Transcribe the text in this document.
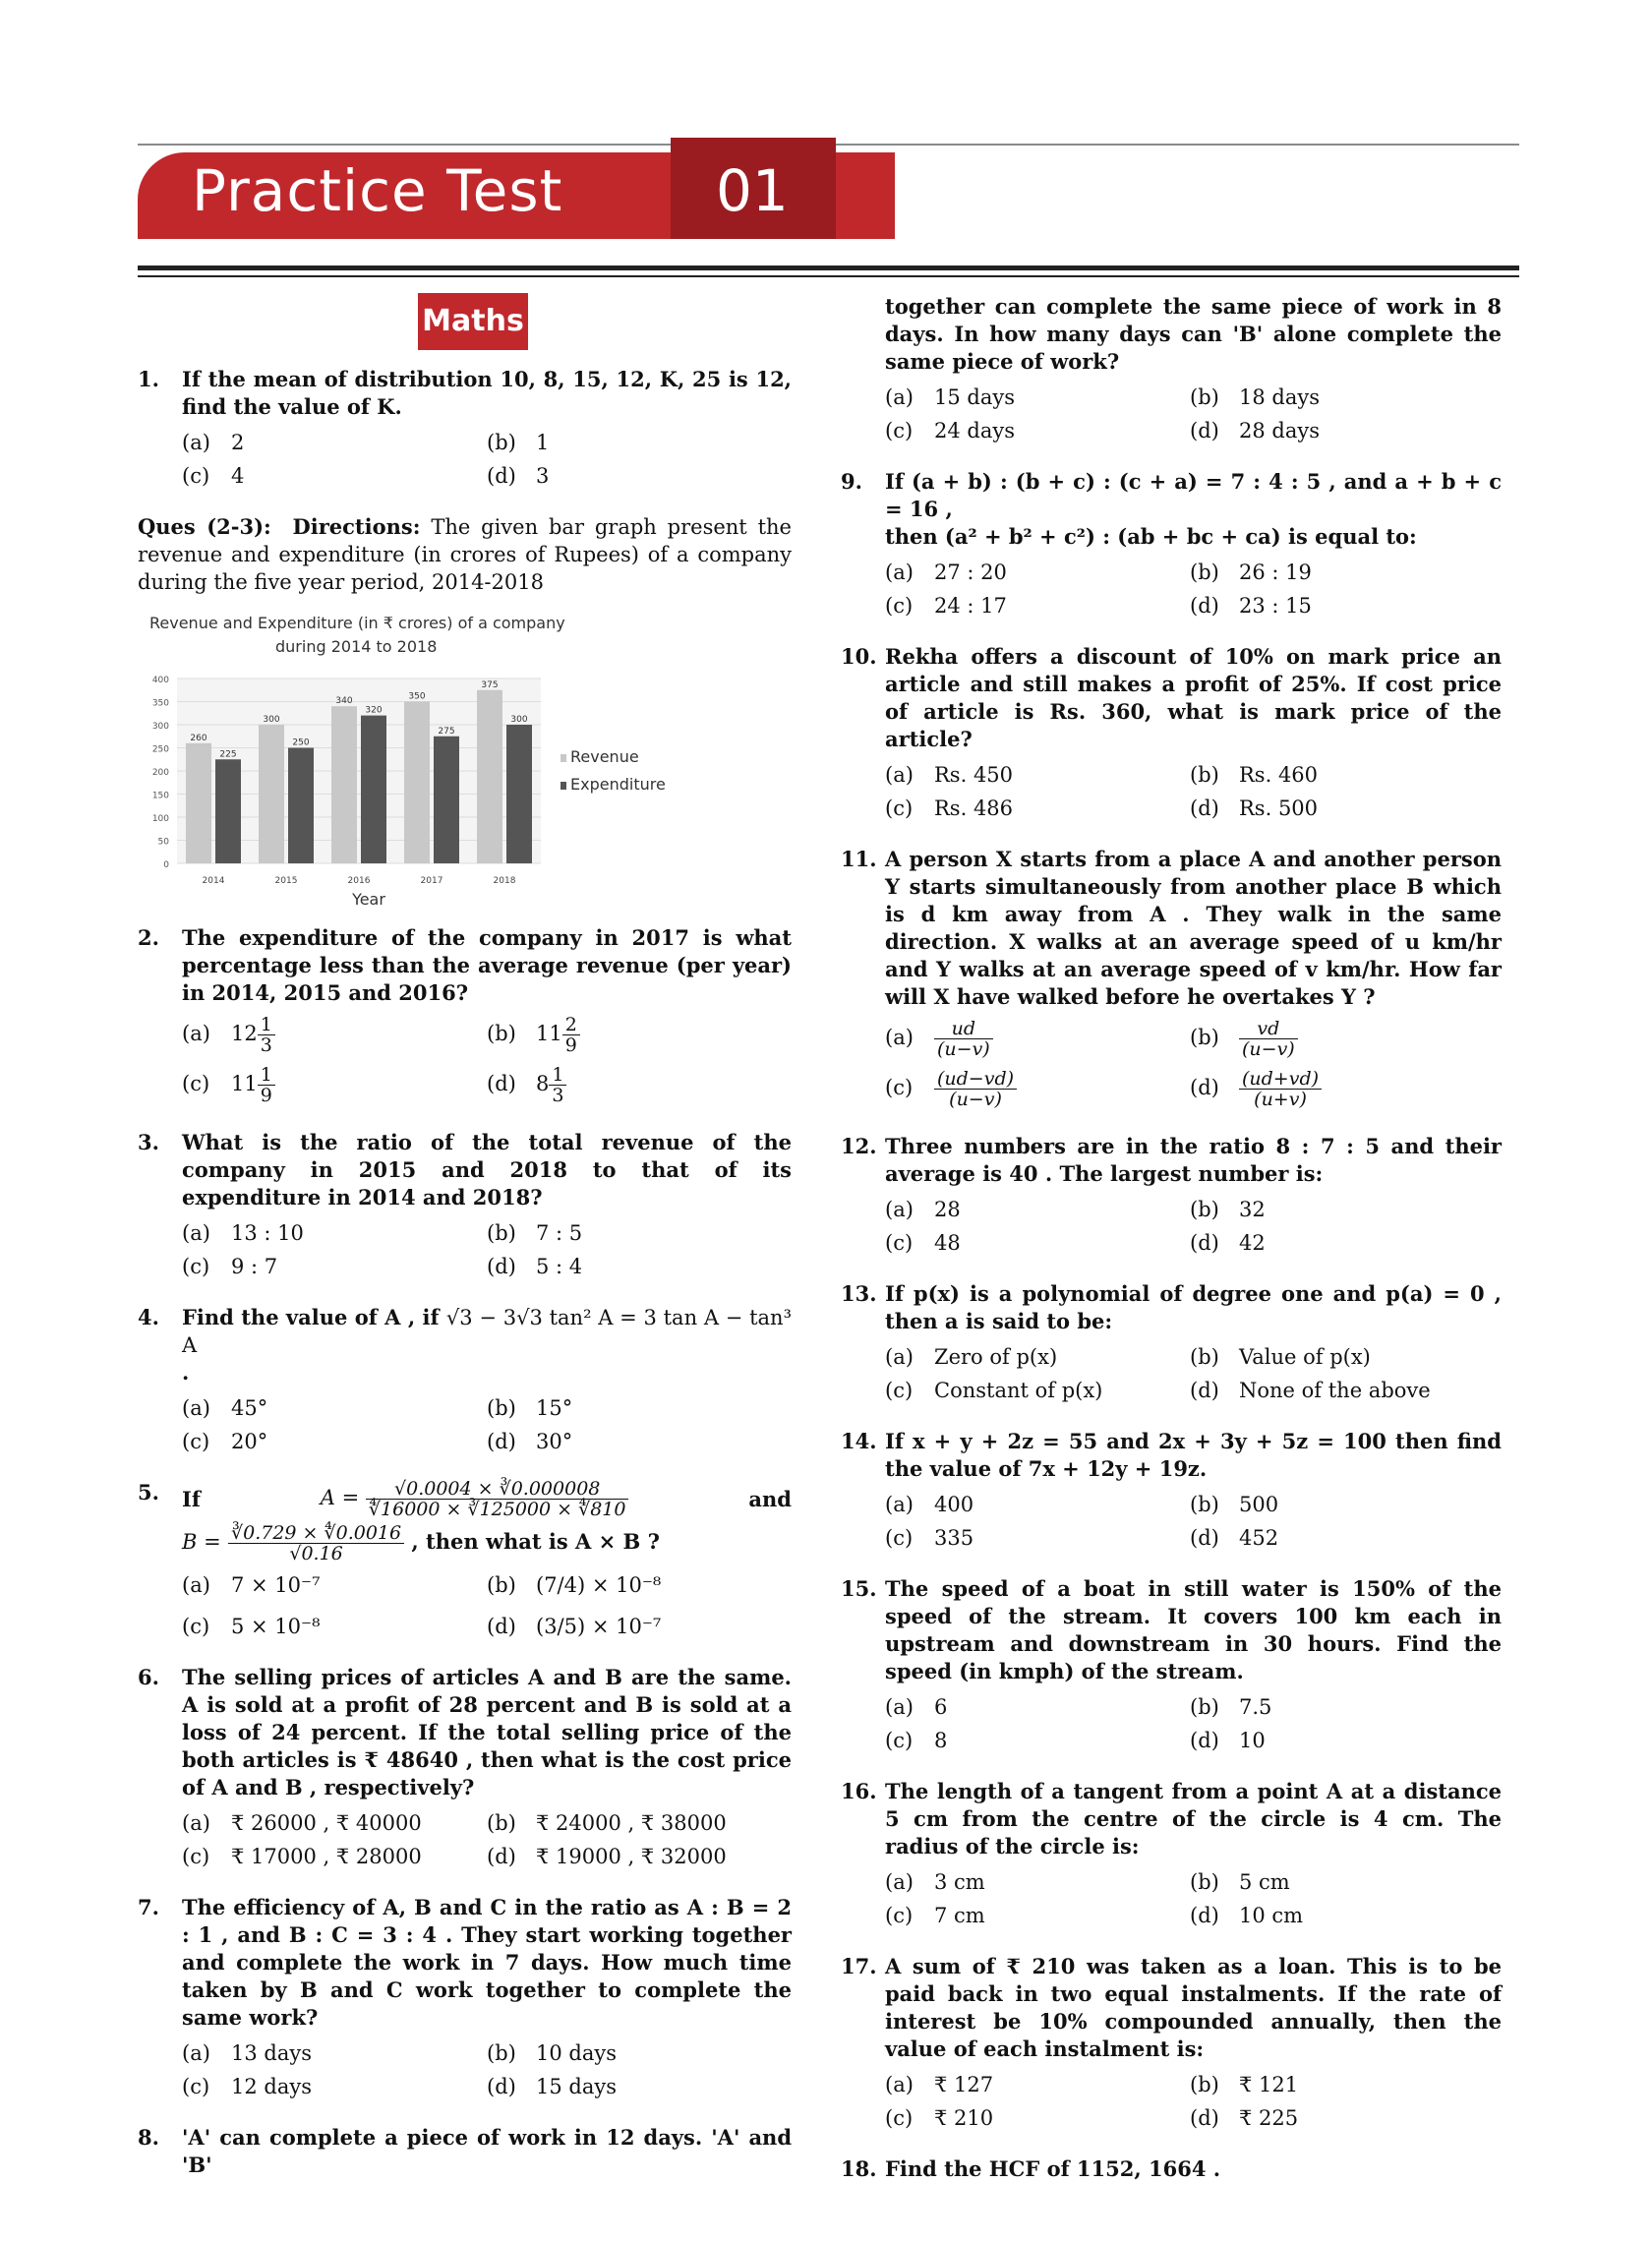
Practice Test	01
Maths
1. If the mean of distribution 10, 8, 15, 12, K, 25 is 12, find the value of K.
(a) 2	(b) 1
(c) 4	(d) 3
Ques (2-3): Directions: The given bar graph present the revenue and expenditure (in crores of Rupees) of a company during the five year period, 2014-2018
Revenue and Expenditure (in ₹ crores) of a company
during 2014 to 2018
0
50
100
150
200
250
300
350
400
260
225
2014
300
250
2015
340
320
2016
350
275
2017
375
300
2018
Year
Revenue
Expenditure
2. The expenditure of the company in 2017 is what percentage less than the average revenue (per year) in 2014, 2015 and 2016?
(a) $12 \frac{1}{3}$	(b) $11 \frac{2}{9}$
(c) $11 \frac{1}{9}$	(d) $8 \frac{1}{3}$
3. What is the ratio of the total revenue of the company in 2015 and 2018 to that of its expenditure in 2014 and 2018?
(a) 13 : 10	(b) 7 : 5
(c) 9 : 7	(d) 5 : 4
4. Find the value of A , if √3 − 3√3 tan² A = 3 tan A − tan³ A
.
(a) 45°	(b) 15°
(c) 20°	(d) 30°
5. If	$A = \frac{√0.0004 \times ∛0.000008}{∜16000 \times ∛125000 \times ∜810}$	and
$B = \frac{∛0.729 \times ∜0.0016}{√0.16}$ , then what is A × B ?
(a) 7 × 10⁻⁷	(b) (7/4) × 10⁻⁸
(c) 5 × 10⁻⁸	(d) (3/5) × 10⁻⁷
6. The selling prices of articles A and B are the same. A is sold at a profit of 28 percent and B is sold at a loss of 24 percent. If the total selling price of the both articles is ₹ 48640 , then what is the cost price of A and B , respectively?
(a) ₹ 26000 , ₹ 40000	(b) ₹ 24000 , ₹ 38000
(c) ₹ 17000 , ₹ 28000	(d) ₹ 19000 , ₹ 32000
7. The efficiency of A, B and C in the ratio as A : B = 2 : 1 , and B : C = 3 : 4 . They start working together and complete the work in 7 days. How much time taken by B and C work together to complete the same work?
(a) 13 days	(b) 10 days
(c) 12 days	(d) 15 days
8. 'A' can complete a piece of work in 12 days. 'A' and 'B'
together can complete the same piece of work in 8 days. In how many days can 'B' alone complete the same piece of work?
(a) 15 days	(b) 18 days
(c) 24 days	(d) 28 days
9. If (a + b) : (b + c) : (c + a) = 7 : 4 : 5 , and a + b + c = 16 ,
then (a² + b² + c²) : (ab + bc + ca) is equal to:
(a) 27 : 20	(b) 26 : 19
(c) 24 : 17	(d) 23 : 15
10. Rekha offers a discount of 10% on mark price an article and still makes a profit of 25%. If cost price of article is Rs. 360, what is mark price of the article?
(a) Rs. 450	(b) Rs. 460
(c) Rs. 486	(d) Rs. 500
11. A person X starts from a place A and another person Y starts simultaneously from another place B which is d km away from A . They walk in the same direction. X walks at an average speed of u km/hr and Y walks at an average speed of v km/hr. How far will X have walked before he overtakes Y ?
$(a) \frac{ud}{(u-v)}$	$(b) \frac{vd}{(u-v)}$
$(c) \frac{(ud-vd)}{(u-v)}$	$(d) \frac{(ud+vd)}{(u+v)}$
12. Three numbers are in the ratio 8 : 7 : 5 and their average is 40 . The largest number is:
(a) 28	(b) 32
(c) 48	(d) 42
13. If p(x) is a polynomial of degree one and p(a) = 0 , then a is said to be:
(a) Zero of p(x)	(b) Value of p(x)
(c) Constant of p(x)	(d) None of the above
14. If x + y + 2z = 55 and 2x + 3y + 5z = 100 then find the value of 7x + 12y + 19z.
(a) 400	(b) 500
(c) 335	(d) 452
15. The speed of a boat in still water is 150% of the speed of the stream. It covers 100 km each in upstream and downstream in 30 hours. Find the speed (in kmph) of the stream.
(a) 6	(b) 7.5
(c) 8	(d) 10
16. The length of a tangent from a point A at a distance 5 cm from the centre of the circle is 4 cm. The radius of the circle is:
(a) 3 cm	(b) 5 cm
(c) 7 cm	(d) 10 cm
17. A sum of ₹ 210 was taken as a loan. This is to be paid back in two equal instalments. If the rate of interest be 10% compounded annually, then the value of each instalment is:
(a) ₹ 127	(b) ₹ 121
(c) ₹ 210	(d) ₹ 225
18. Find the HCF of 1152, 1664 .
